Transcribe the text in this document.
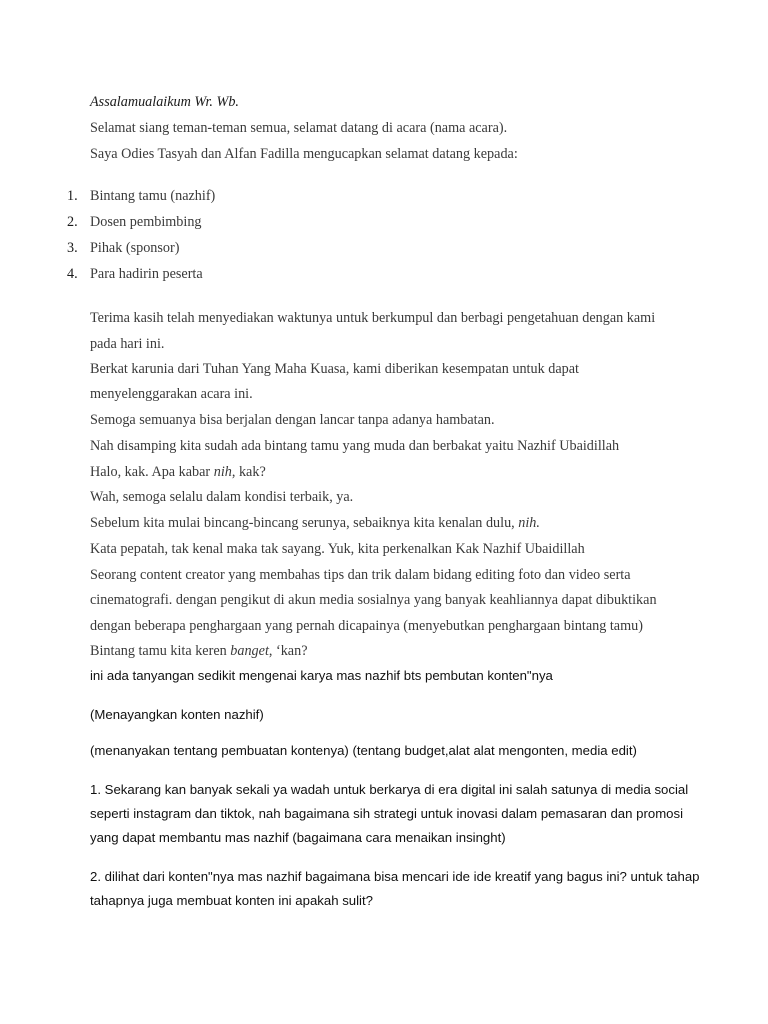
Assalamualaikum Wr. Wb.
Selamat siang teman-teman semua, selamat datang di acara (nama acara).
Saya Odies Tasyah dan Alfan Fadilla mengucapkan selamat datang kepada:
1. Bintang tamu (nazhif)
2. Dosen pembimbing
3. Pihak (sponsor)
4. Para hadirin peserta
Terima kasih telah menyediakan waktunya untuk berkumpul dan berbagi pengetahuan dengan kami
pada hari ini.
Berkat karunia dari Tuhan Yang Maha Kuasa, kami diberikan kesempatan untuk dapat
menyelenggarakan acara ini.
Semoga semuanya bisa berjalan dengan lancar tanpa adanya hambatan.
Nah disamping kita sudah ada bintang tamu yang muda dan berbakat yaitu Nazhif Ubaidillah
Halo, kak. Apa kabar nih, kak?
Wah, semoga selalu dalam kondisi terbaik, ya.
Sebelum kita mulai bincang-bincang serunya, sebaiknya kita kenalan dulu, nih.
Kata pepatah, tak kenal maka tak sayang. Yuk, kita perkenalkan Kak Nazhif Ubaidillah
Seorang content creator yang membahas tips dan trik dalam bidang editing foto dan video serta
cinematografi. dengan pengikut di akun media sosialnya yang banyak keahliannya dapat dibuktikan
dengan beberapa penghargaan yang pernah dicapainya (menyebutkan penghargaan bintang tamu)
Bintang tamu kita keren banget, ‘kan?
ini ada tanyangan sedikit mengenai karya mas nazhif bts pembutan konten"nya
(Menayangkan konten nazhif)
(menanyakan tentang pembuatan kontenya) (tentang budget,alat alat mengonten, media edit)
1. Sekarang kan banyak sekali ya wadah untuk berkarya di era digital ini salah satunya di media social
seperti instagram dan tiktok, nah bagaimana sih strategi untuk inovasi dalam pemasaran dan promosi
yang dapat membantu mas nazhif (bagaimana cara menaikan insinght)
2. dilihat dari konten"nya mas nazhif bagaimana bisa mencari ide ide kreatif yang bagus ini? untuk tahap
tahapnya juga membuat konten ini apakah sulit?
